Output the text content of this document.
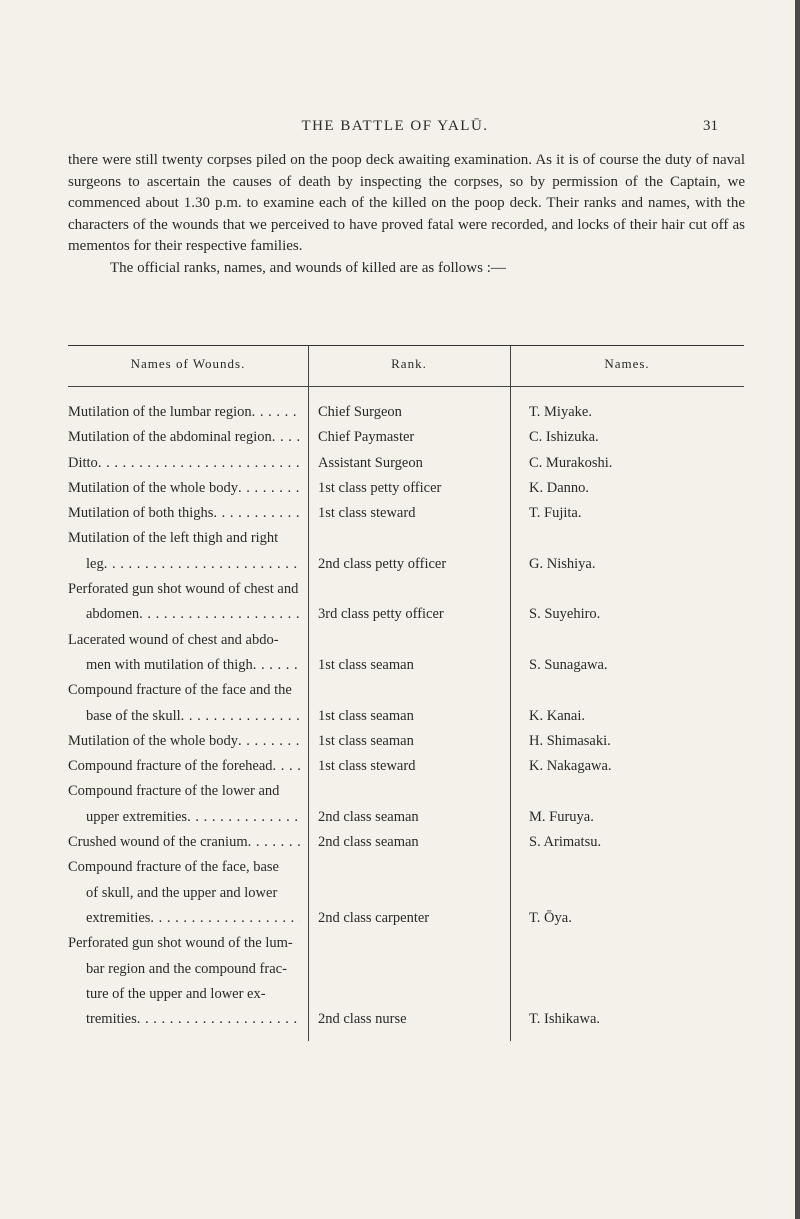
THE BATTLE OF YALŪ.	31

there were still twenty corpses piled on the poop deck awaiting examination. As it is of course the duty of naval surgeons to ascertain the causes of death by inspecting the corpses, so by permission of the Captain, we commenced about 1.30 p.m. to examine each of the killed on the poop deck. Their ranks and names, with the characters of the wounds that we perceived to have proved fatal were recorded, and locks of their hair cut off as mementos for their respective families.

The official ranks, names, and wounds of killed are as follows :—

Names of Wounds.	Rank.	Names.
Mutilation of the lumbar region . . .	Chief Surgeon	T. Miyake.
Mutilation of the abdominal region . . .	Chief Paymaster	C. Ishizuka.
Ditto . . .	Assistant Surgeon	C. Murakoshi.
Mutilation of the whole body . . .	1st class petty officer	K. Danno.
Mutilation of both thighs . . .	1st class steward	T. Fujita.
Mutilation of the left thigh and right
leg . . .	2nd class petty officer	G. Nishiya.
Perforated gun shot wound of chest and
abdomen . . .	3rd class petty officer	S. Suyehiro.
Lacerated wound of chest and abdo-
men with mutilation of thigh . . .	1st class seaman	S. Sunagawa.
Compound fracture of the face and the
base of the skull . . .	1st class seaman	K. Kanai.
Mutilation of the whole body . . .	1st class seaman	H. Shimasaki.
Compound fracture of the forehead . . .	1st class steward	K. Nakagawa.
Compound fracture of the lower and
upper extremities . . .	2nd class seaman	M. Furuya.
Crushed wound of the cranium . . .	2nd class seaman	S. Arimatsu.
Compound fracture of the face, base
of skull, and the upper and lower
extremities . . .	2nd class carpenter	T. Ōya.
Perforated gun shot wound of the lum-
bar region and the compound frac-
ture of the upper and lower ex-
tremities . . .	2nd class nurse	T. Ishikawa.
